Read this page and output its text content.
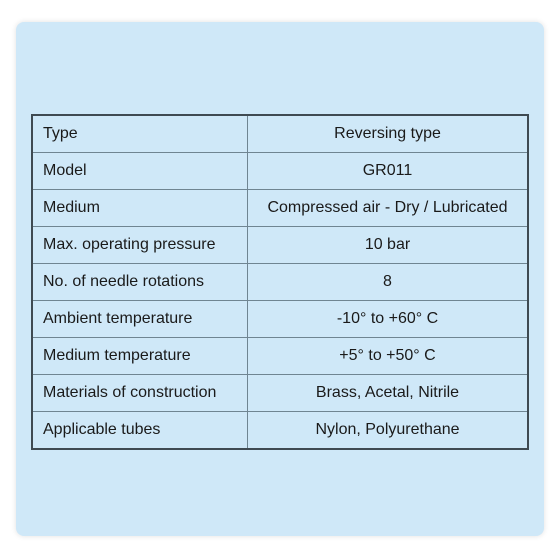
Type	Reversing type
Model	GR011
Medium	Compressed air - Dry / Lubricated
Max. operating pressure	10 bar
No. of needle rotations	8
Ambient temperature	-10° to +60° C
Medium temperature	+5° to +50° C
Materials of construction	Brass, Acetal, Nitrile
Applicable tubes	Nylon, Polyurethane
